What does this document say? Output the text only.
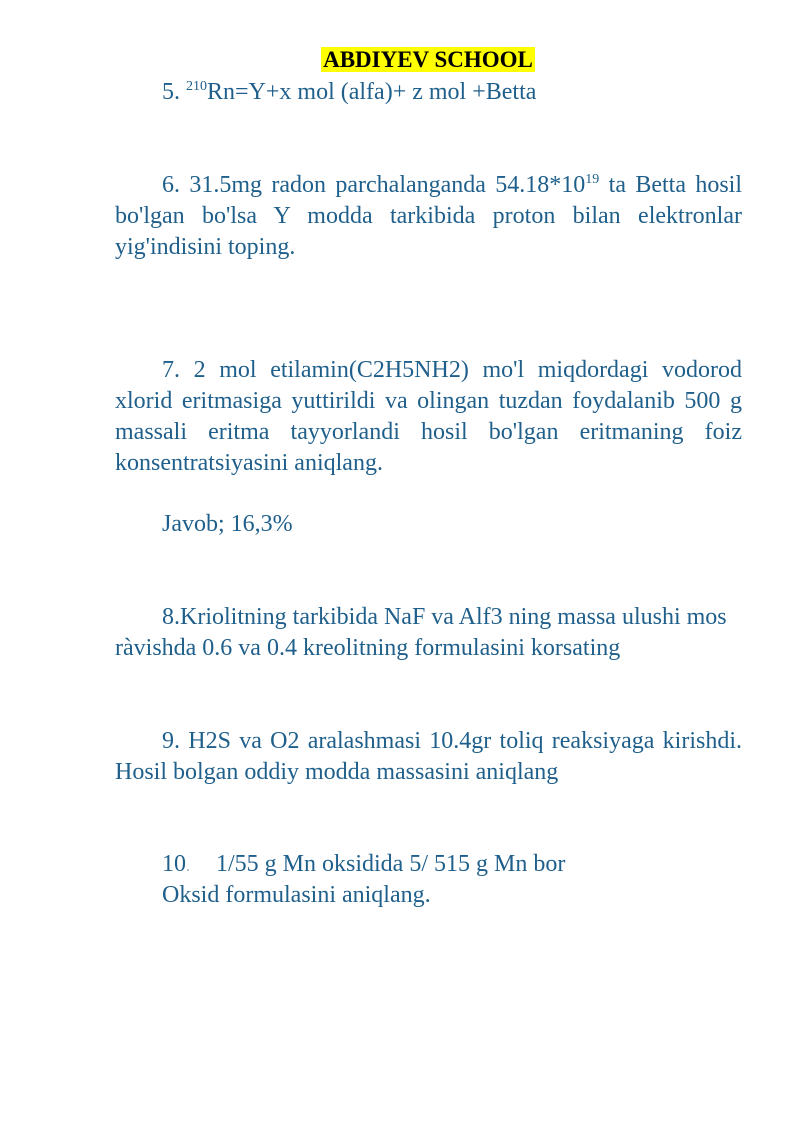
ABDIYEV SCHOOL
5. $^{210}$Rn=Y+x mol (alfa)+ z mol +Betta
6. 31.5mg radon parchalanganda $54.18*10^{19}$ ta Betta hosil bo'lgan bo'lsa Y modda tarkibida proton bilan elektronlar yig'indisini toping.
7. 2 mol etilamin(C2H5NH2) mo'l miqdordagi vodorod xlorid eritmasiga yuttirildi va olingan tuzdan foydalanib 500 g massali eritma tayyorlandi hosil bo'lgan eritmaning foiz konsentratsiyasini aniqlang.
Javob; 16,3%
8.Kriolitning tarkibida NaF va Alf3 ning massa ulushi mos ràvishda 0.6 va 0.4 kreolitning formulasini korsating
9. H2S va O2 aralashmasi 10.4gr toliq reaksiyaga kirishdi. Hosil bolgan oddiy modda massasini aniqlang
10. 1/55 g Mn oksidida 5/ 515 g Mn bor
Oksid formulasini aniqlang.
